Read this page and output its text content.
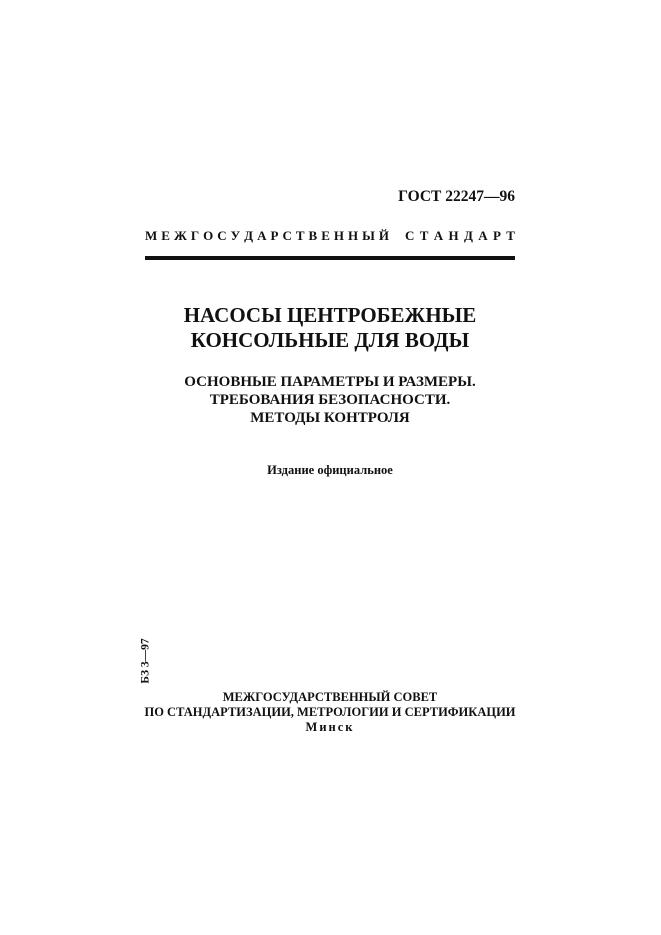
ГОСТ 22247—96
М Е Ж Г О С У Д А Р С Т В Е Н Н Ы Й С Т А Н Д А Р Т
НАСОСЫ ЦЕНТРОБЕЖНЫЕ
КОНСОЛЬНЫЕ ДЛЯ ВОДЫ
ОСНОВНЫЕ ПАРАМЕТРЫ И РАЗМЕРЫ.
ТРЕБОВАНИЯ БЕЗОПАСНОСТИ.
МЕТОДЫ КОНТРОЛЯ
Издание официальное
БЗ 3—97
МЕЖГОСУДАРСТВЕННЫЙ СОВЕТ
ПО СТАНДАРТИЗАЦИИ, МЕТРОЛОГИИ И СЕРТИФИКАЦИИ
Минск
